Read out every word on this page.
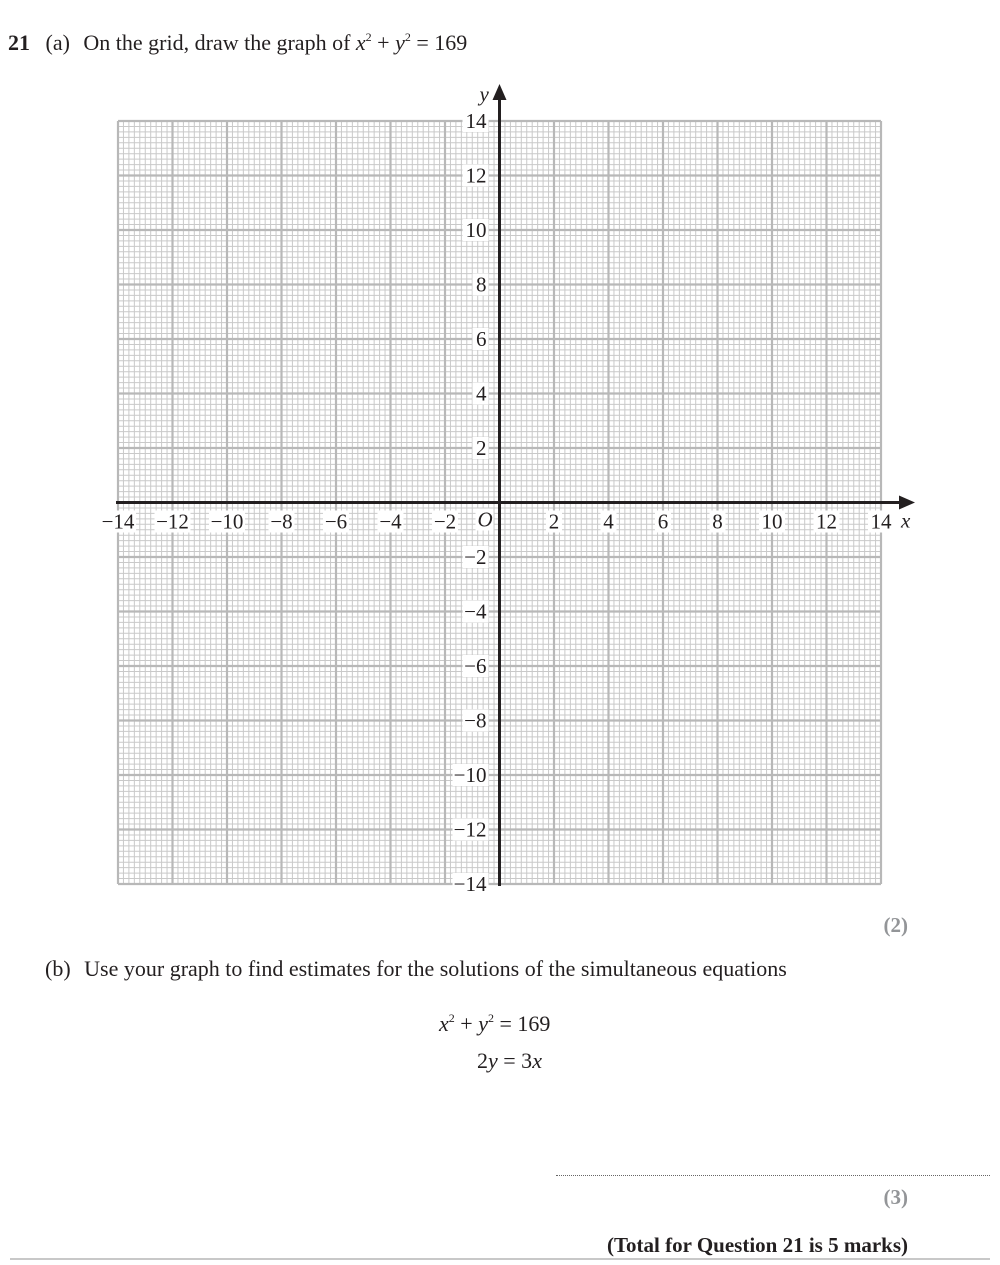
21 (a) On the grid, draw the graph of $x^2 + y^2 = 169$
−14 −12 −10 −8 −6 −4 −2	2 4 6 8 10 12 14
14
12
10
8
6
4
2
−2
−4
−6
−8
−10
−12
−14
x
y
O
(2)
(b) Use your graph to find estimates for the solutions of the simultaneous equations
$x^2 + y^2 = 169$
2y = 3x
(3)
(Total for Question 21 is 5 marks)
